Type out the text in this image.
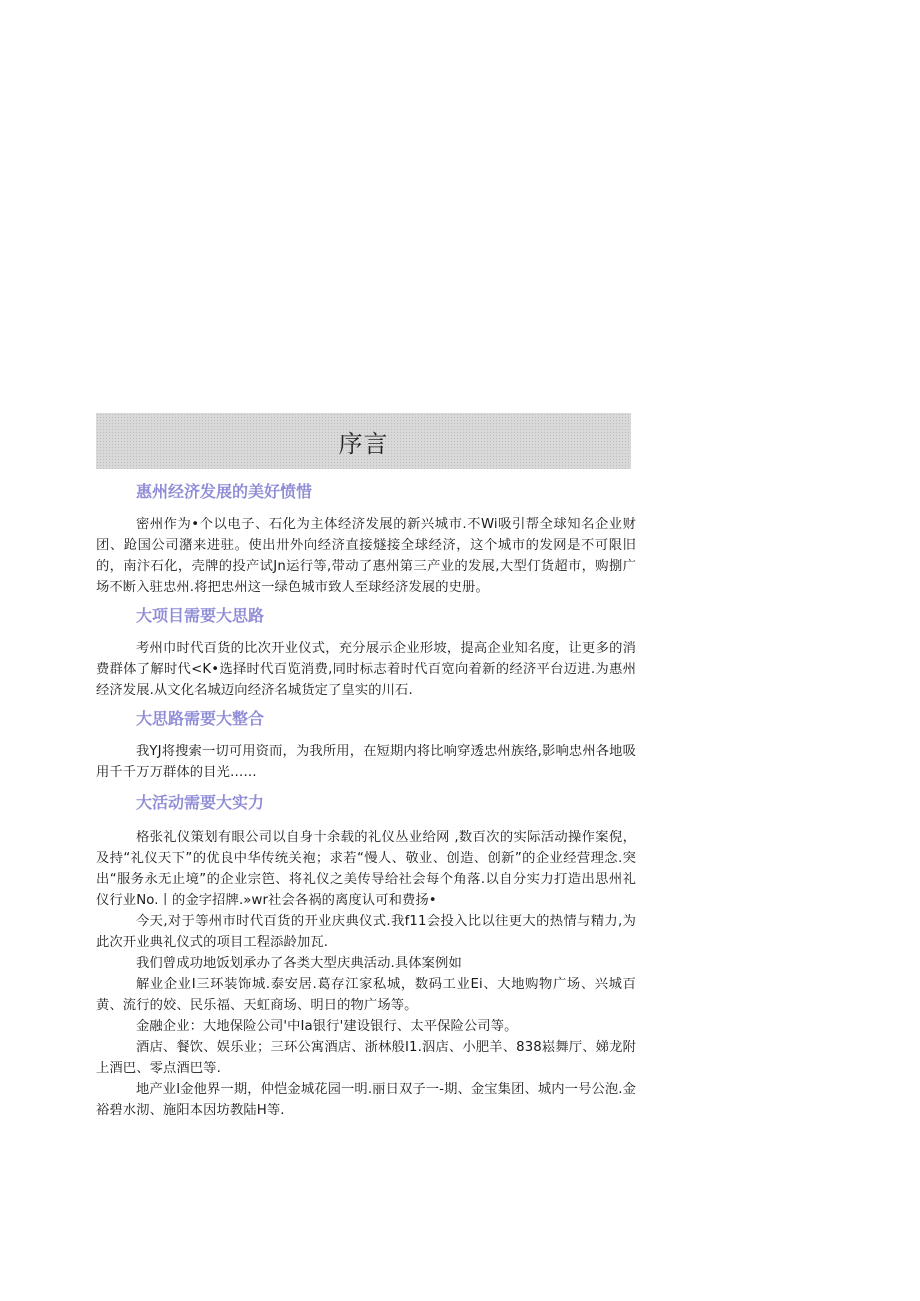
序言
惠州经济发展的美好愤惜

密州作为•个以电子、石化为主体经济发展的新兴城市.不Wi吸引帮全球知名企业财团、跄国公司潴来进驻。使出卅外向经济直接燧接全球经济，这个城市的发网是不可限旧的，南汴石化，壳牌的投产试Jn运行等,带动了惠州第三产业的发展,大型仃货超市，购捌广场不断入驻忠州.将把忠州这一绿色城市致人至球经济发展的史册。

大项目需要大思路

考州巾时代百货的比次开业仪式，充分展示企业形坡，提高企业知名度，让更多的消费群体了解时代<K•选择时代百览消费,同时标志着时代百宽向着新的经济平台迈进.为惠州经济发展.从文化名城迈向经济名城货定了皇实的川石.

大思路需要大整合

我YJ将搜索一切可用资而，为我所用，在短期内将比响穿透忠州族络,影响忠州各地吸用千千万万群体的目光……

大活动需要大实力

格张礼仪策划有眼公司以自身十余载的礼仪丛业给网 ,数百次的实际活动操作案倪，及持“礼仪天下”的优良中华传统关袍；求若“慢人、敬业、创造、创新”的企业经营理念.突出“服务永无止境”的企业宗笆、将礼仪之美传导给社会每个角落.以自分实力打造出思州礼仪行业No.丨的金字招牌.»wr社会各祸的离度认可和费扬•

今天,对于等州市时代百货的开业庆典仪式.我f11会投入比以往更大的热情与精力,为此次开业典礼仪式的项目工程添龄加瓦.

我们曾成功地饭划承办了各类大型庆典活动.具体案例如

解业企业I三环装饰城.泰安居.葛存江家私城，数码工业Ei、大地购物广场、兴城百黄、流行的姣、民乐福、天虹商场、明日的物广场等。

金融企业：大地保险公司'中Ia银行'建设银行、太平保险公司等。

酒店、餐饮、娱乐业；三环公寓酒店、浙林般I1.泅店、小肥羊、838崧舞厅、娣龙附上酒巴、零点酒巴等.

地产业I金他界一期，仲恺金城花园一明.丽日双子一-期、金宝集团、城内一号公泡.金裕碧水沏、施阳本因坊教陆H等.
